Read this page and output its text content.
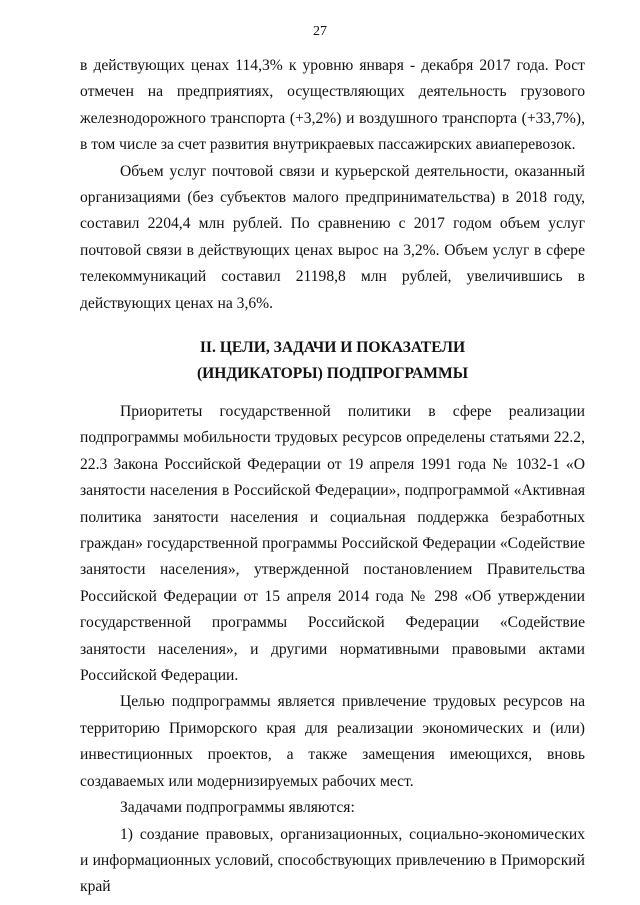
27

в действующих ценах 114,3% к уровню января - декабря 2017 года. Рост отмечен на предприятиях, осуществляющих деятельность грузового железнодорожного транспорта (+3,2%) и воздушного транспорта (+33,7%), в том числе за счет развития внутрикраевых пассажирских авиаперевозок.

Объем услуг почтовой связи и курьерской деятельности, оказанный организациями (без субъектов малого предпринимательства) в 2018 году, составил 2204,4 млн рублей. По сравнению с 2017 годом объем услуг почтовой связи в действующих ценах вырос на 3,2%. Объем услуг в сфере телекоммуникаций составил 21198,8 млн рублей, увеличившись в действующих ценах на 3,6%.

II. ЦЕЛИ, ЗАДАЧИ И ПОКАЗАТЕЛИ
(ИНДИКАТОРЫ) ПОДПРОГРАММЫ

Приоритеты государственной политики в сфере реализации подпрограммы мобильности трудовых ресурсов определены статьями 22.2, 22.3 Закона Российской Федерации от 19 апреля 1991 года № 1032-1 «О занятости населения в Российской Федерации», подпрограммой «Активная политика занятости населения и социальная поддержка безработных граждан» государственной программы Российской Федерации «Содействие занятости населения», утвержденной постановлением Правительства Российской Федерации от 15 апреля 2014 года № 298 «Об утверждении государственной программы Российской Федерации «Содействие занятости населения», и другими нормативными правовыми актами Российской Федерации.

Целью подпрограммы является привлечение трудовых ресурсов на территорию Приморского края для реализации экономических и (или) инвестиционных проектов, а также замещения имеющихся, вновь создаваемых или модернизируемых рабочих мест.

Задачами подпрограммы являются:

1) создание правовых, организационных, социально-экономических и информационных условий, способствующих привлечению в Приморский край
